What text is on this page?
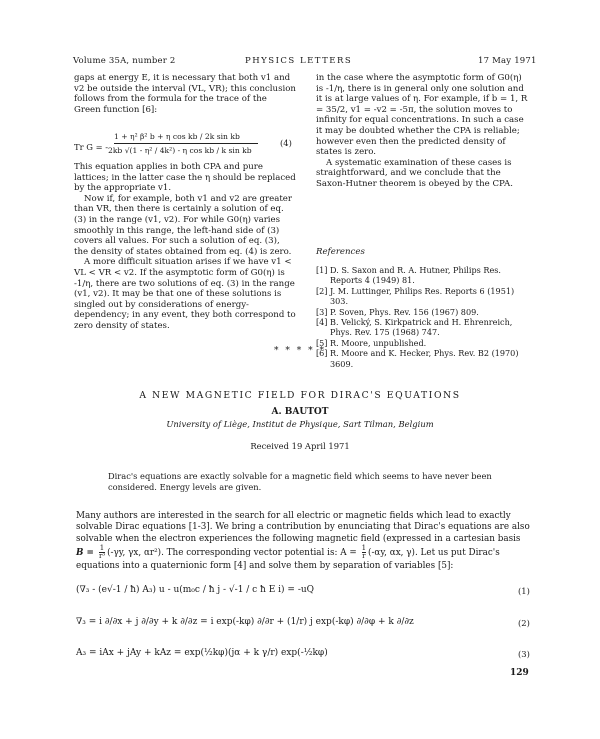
Volume 35A, number 2	PHYSICS LETTERS	17 May 1971

gaps at energy E, it is necessary that both v1 and v2 be outside the interval (VL, VR); this conclusion follows from the formula for the trace of the Green function [6]:

Tr G = -
1 + η² β² b + η cos kb / 2k sin kb
2kb √(1 - η² / 4k²) - η cos kb / k sin kb
(4)

This equation applies in both CPA and pure lattices; in the latter case the η should be replaced by the appropriate v1.

Now if, for example, both v1 and v2 are greater than VR, then there is certainly a solution of eq. (3) in the range (v1, v2). For while G0(η) varies smoothly in this range, the left-hand side of (3) covers all values. For such a solution of eq. (3), the density of states obtained from eq. (4) is zero.

A more difficult situation arises if we have v1 < VL < VR < v2. If the asymptotic form of G0(η) is -1/η, there are two solutions of eq. (3) in the range (v1, v2). It may be that one of these solutions is singled out by considerations of energy-dependency; in any event, they both correspond to zero density of states.

in the case where the asymptotic form of G0(η) is -1/η, there is in general only one solution and it is at large values of η. For example, if b = 1, R = 35/2, v1 = -v2 = -5π, the solution moves to infinity for equal concentrations. In such a case it may be doubted whether the CPA is reliable; however even then the predicted density of states is zero.

A systematic examination of these cases is straightforward, and we conclude that the Saxon-Hutner theorem is obeyed by the CPA.

References
[1] D. S. Saxon and R. A. Hutner, Philips Res. Reports 4 (1949) 81.
[2] J. M. Luttinger, Philips Res. Reports 6 (1951) 303.
[3] P. Soven, Phys. Rev. 156 (1967) 809.
[4] B. Velický, S. Kirkpatrick and H. Ehrenreich, Phys. Rev. 175 (1968) 747.
[5] R. Moore, unpublished.
[6] R. Moore and K. Hecker, Phys. Rev. B2 (1970) 3609.
* * * * *
A NEW MAGNETIC FIELD FOR DIRAC'S EQUATIONS
A. BAUTOT
University of Liège, Institut de Physique, Sart Tilman, Belgium
Received 19 April 1971
Dirac's equations are exactly solvable for a magnetic field which seems to have never been considered. Energy levels are given.
Many authors are interested in the search for all electric or magnetic fields which lead to exactly
solvable Dirac equations [1-3]. We bring a contribution by enunciating that Dirac's equations are also
solvable when the electron experiences the following magnetic field (expressed in a cartesian basis
$B = \frac{1}{\text{r³}} (-\gamma y$, γx, αr²). The corresponding vector potential is: $A = \frac{1}{r} (-\alpha y$, αx, γ). Let us put Dirac's
equations into a quaternionic form [4] and solve them by separation of variables [5]:
(∇₃ - (e√-1 / ħ) A₃) u - u(m₀c / ħ j - √-1 / c ħ E i) = -uQ	(1)
∇₃ = i ∂/∂x + j ∂/∂y + k ∂/∂z = i exp(-kφ) ∂/∂r + (1/r) j exp(-kφ) ∂/∂φ + k ∂/∂z	(2)
A₃ = iAx + jAy + kAz = exp(½kφ)(jα + k γ/r) exp(-½kφ)	(3)
129
